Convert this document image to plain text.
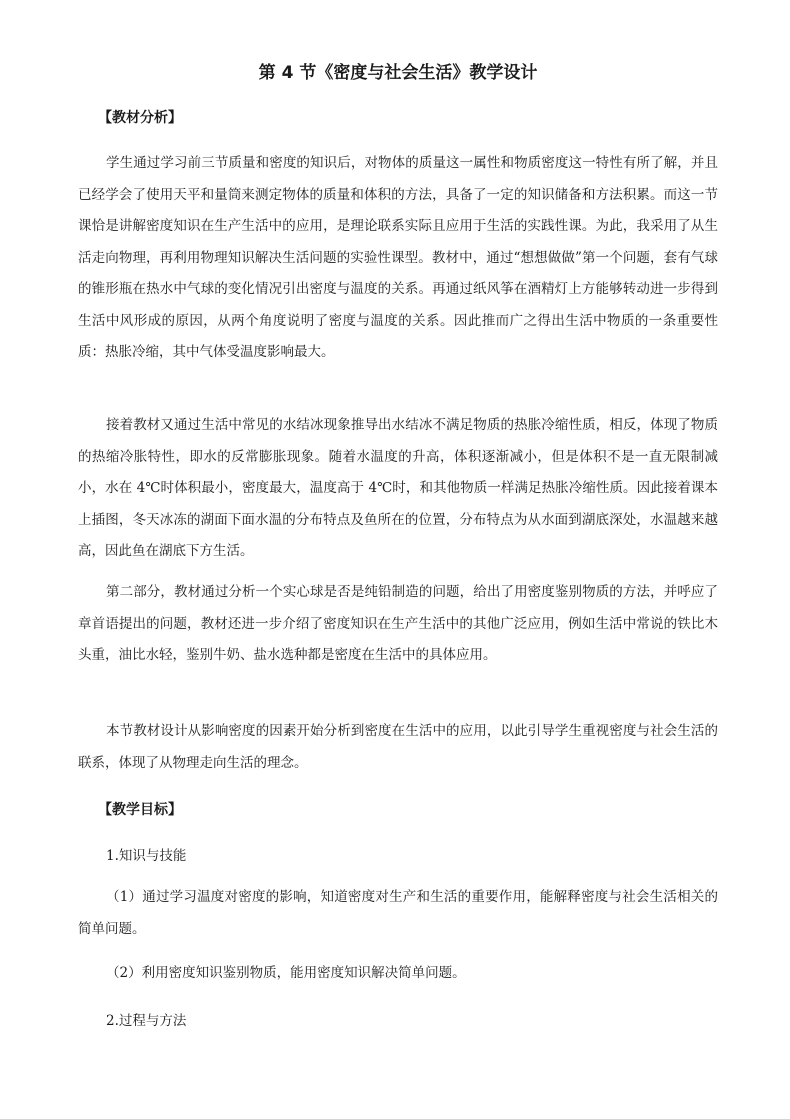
第 4 节《密度与社会生活》教学设计
【教材分析】

学生通过学习前三节质量和密度的知识后，对物体的质量这一属性和物质密度这一特性有所了解，并且已经学会了使用天平和量筒来测定物体的质量和体积的方法，具备了一定的知识储备和方法积累。而这一节课恰是讲解密度知识在生产生活中的应用，是理论联系实际且应用于生活的实践性课。为此，我采用了从生活走向物理，再利用物理知识解决生活问题的实验性课型。教材中，通过“想想做做”第一个问题，套有气球的锥形瓶在热水中气球的变化情况引出密度与温度的关系。再通过纸风筝在酒精灯上方能够转动进一步得到生活中风形成的原因，从两个角度说明了密度与温度的关系。因此推而广之得出生活中物质的一条重要性质：热胀冷缩，其中气体受温度影响最大。

接着教材又通过生活中常见的水结冰现象推导出水结冰不满足物质的热胀冷缩性质，相反，体现了物质的热缩冷胀特性，即水的反常膨胀现象。随着水温度的升高，体积逐渐减小，但是体积不是一直无限制减小，水在 4℃时体积最小，密度最大，温度高于 4℃时，和其他物质一样满足热胀冷缩性质。因此接着课本上插图，冬天冰冻的湖面下面水温的分布特点及鱼所在的位置，分布特点为从水面到湖底深处，水温越来越高，因此鱼在湖底下方生活。

第二部分，教材通过分析一个实心球是否是纯铅制造的问题，给出了用密度鉴别物质的方法，并呼应了章首语提出的问题，教材还进一步介绍了密度知识在生产生活中的其他广泛应用，例如生活中常说的铁比木头重，油比水轻，鉴别牛奶、盐水选种都是密度在生活中的具体应用。

本节教材设计从影响密度的因素开始分析到密度在生活中的应用，以此引导学生重视密度与社会生活的联系，体现了从物理走向生活的理念。

【教学目标】
1.知识与技能

（1）通过学习温度对密度的影响，知道密度对生产和生活的重要作用，能解释密度与社会生活相关的简单问题。

（2）利用密度知识鉴别物质，能用密度知识解决简单问题。

2.过程与方法
